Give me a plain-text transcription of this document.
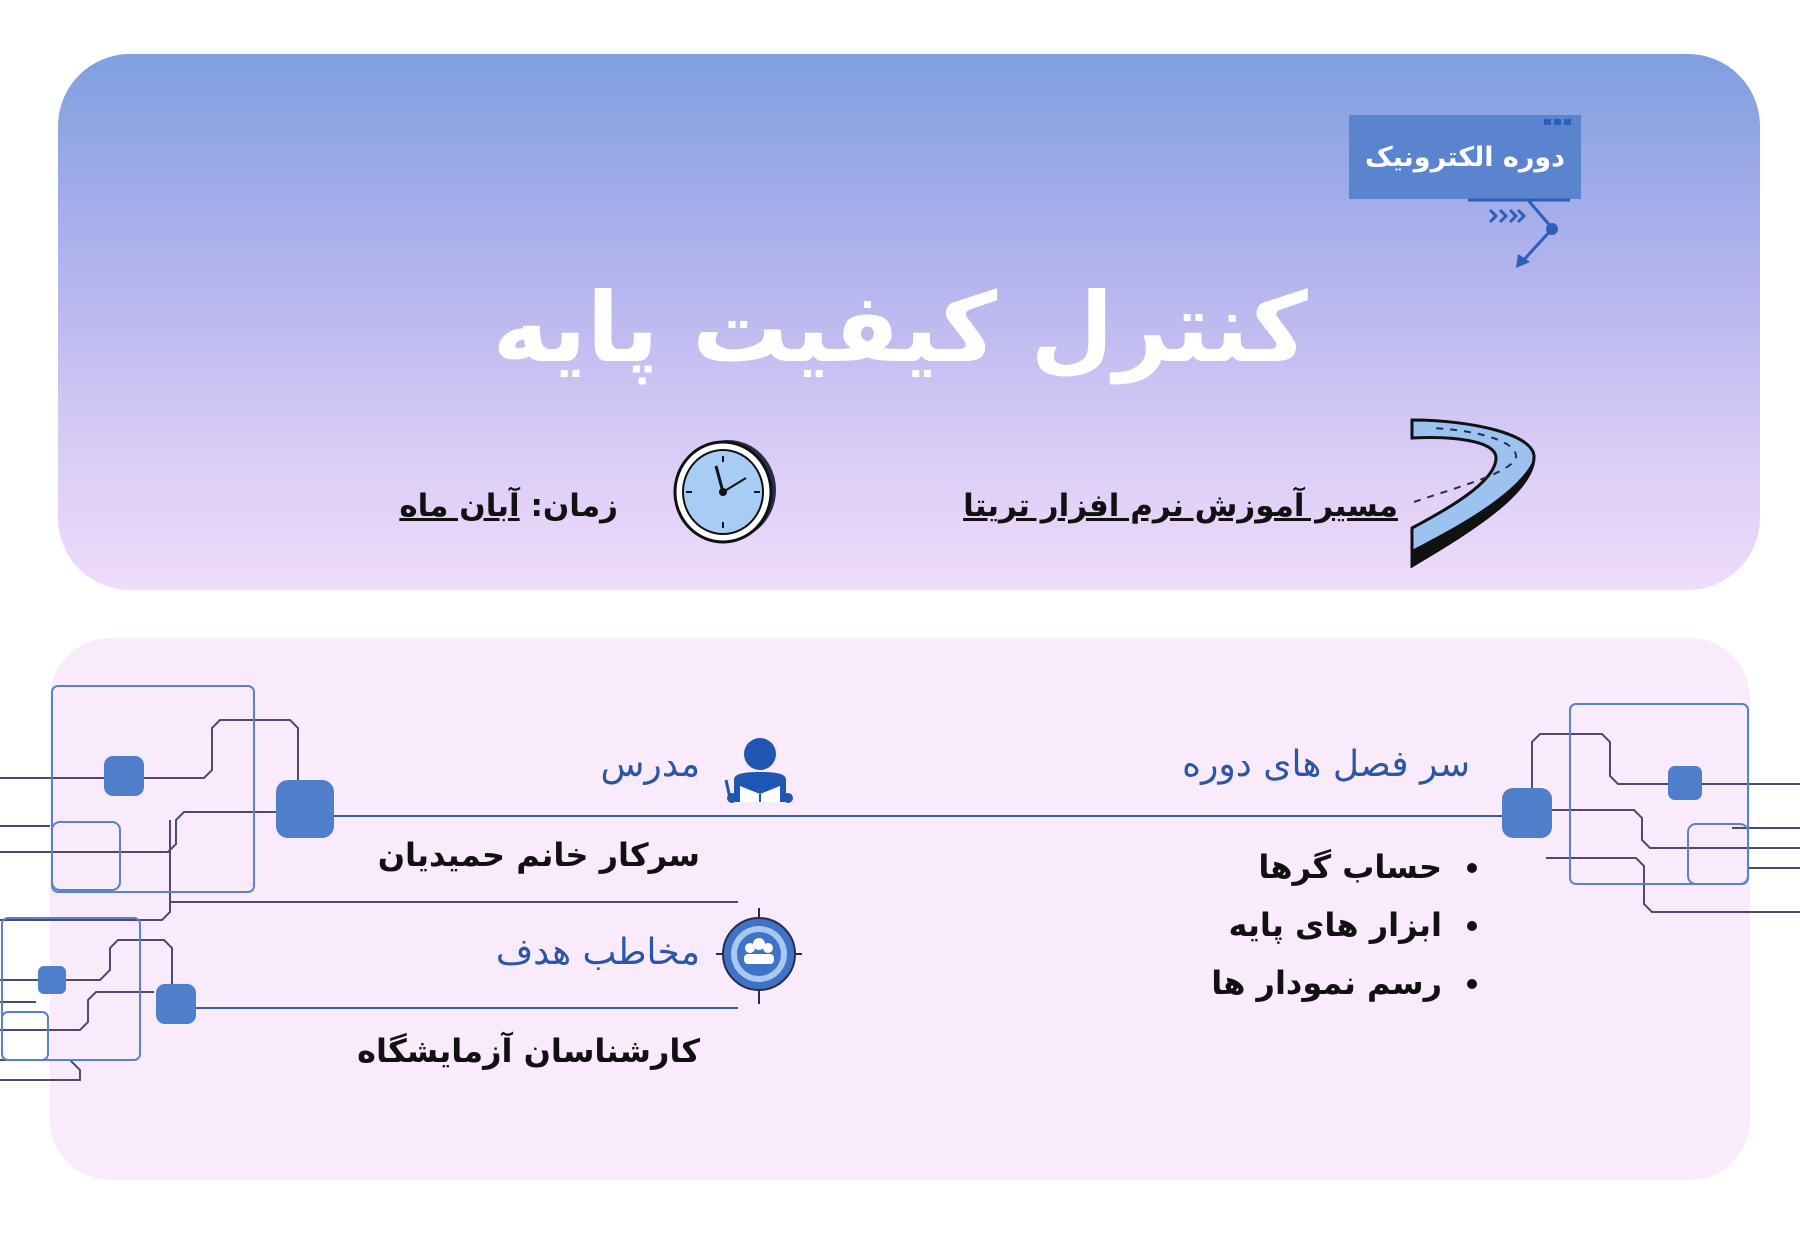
دوره الکترونیک
کنترل کیفیت پایه
مسیر آموزش نرم افزار تریتا
زمان: آبان ماه
مدرس
سرکار خانم حمیدیان
مخاطب هدف
کارشناسان آزمایشگاه
سر فصل های دوره
• حساب گرها
• ابزار های پایه
• رسم نمودار ها
